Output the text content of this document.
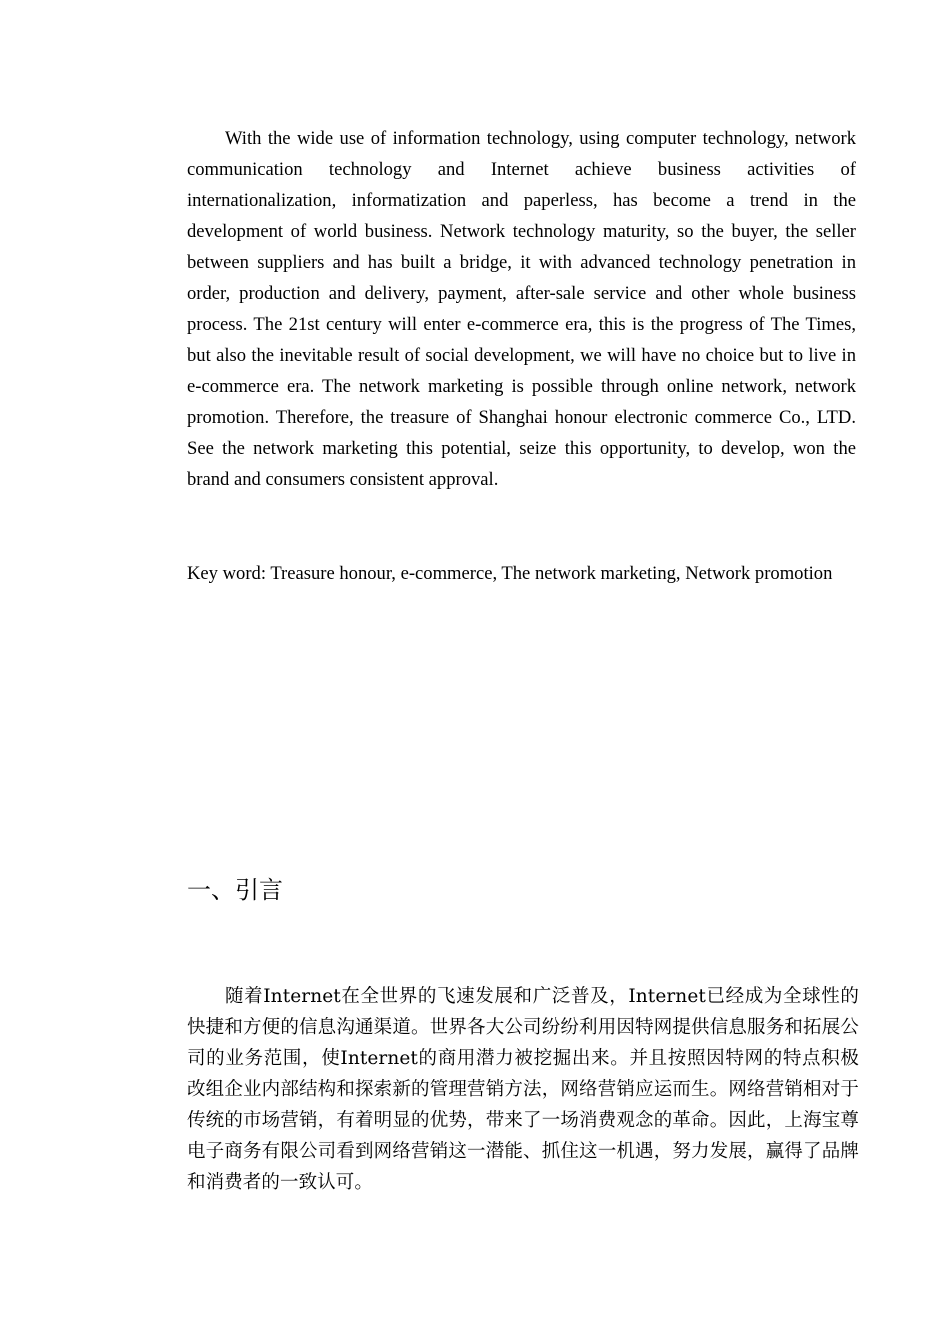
With the wide use of information technology, using computer technology, network communication technology and Internet achieve business activities of internationalization, informatization and paperless, has become a trend in the development of world business. Network technology maturity, so the buyer, the seller between suppliers and has built a bridge, it with advanced technology penetration in order, production and delivery, payment, after-sale service and other whole business process. The 21st century will enter e-commerce era, this is the progress of The Times, but also the inevitable result of social development, we will have no choice but to live in e-commerce era. The network marketing is possible through online network, network promotion. Therefore, the treasure of Shanghai honour electronic commerce Co., LTD. See the network marketing this potential, seize this opportunity, to develop, won the brand and consumers consistent approval.

Key word: Treasure honour, e-commerce, The network marketing, Network promotion

一、引言

随着Internet在全世界的飞速发展和广泛普及，Internet已经成为全球性的快捷和方便的信息沟通渠道。世界各大公司纷纷利用因特网提供信息服务和拓展公司的业务范围，使Internet的商用潜力被挖掘出来。并且按照因特网的特点积极改组企业内部结构和探索新的管理营销方法，网络营销应运而生。网络营销相对于传统的市场营销，有着明显的优势，带来了一场消费观念的革命。因此，上海宝尊电子商务有限公司看到网络营销这一潜能、抓住这一机遇，努力发展，赢得了品牌和消费者的一致认可。
